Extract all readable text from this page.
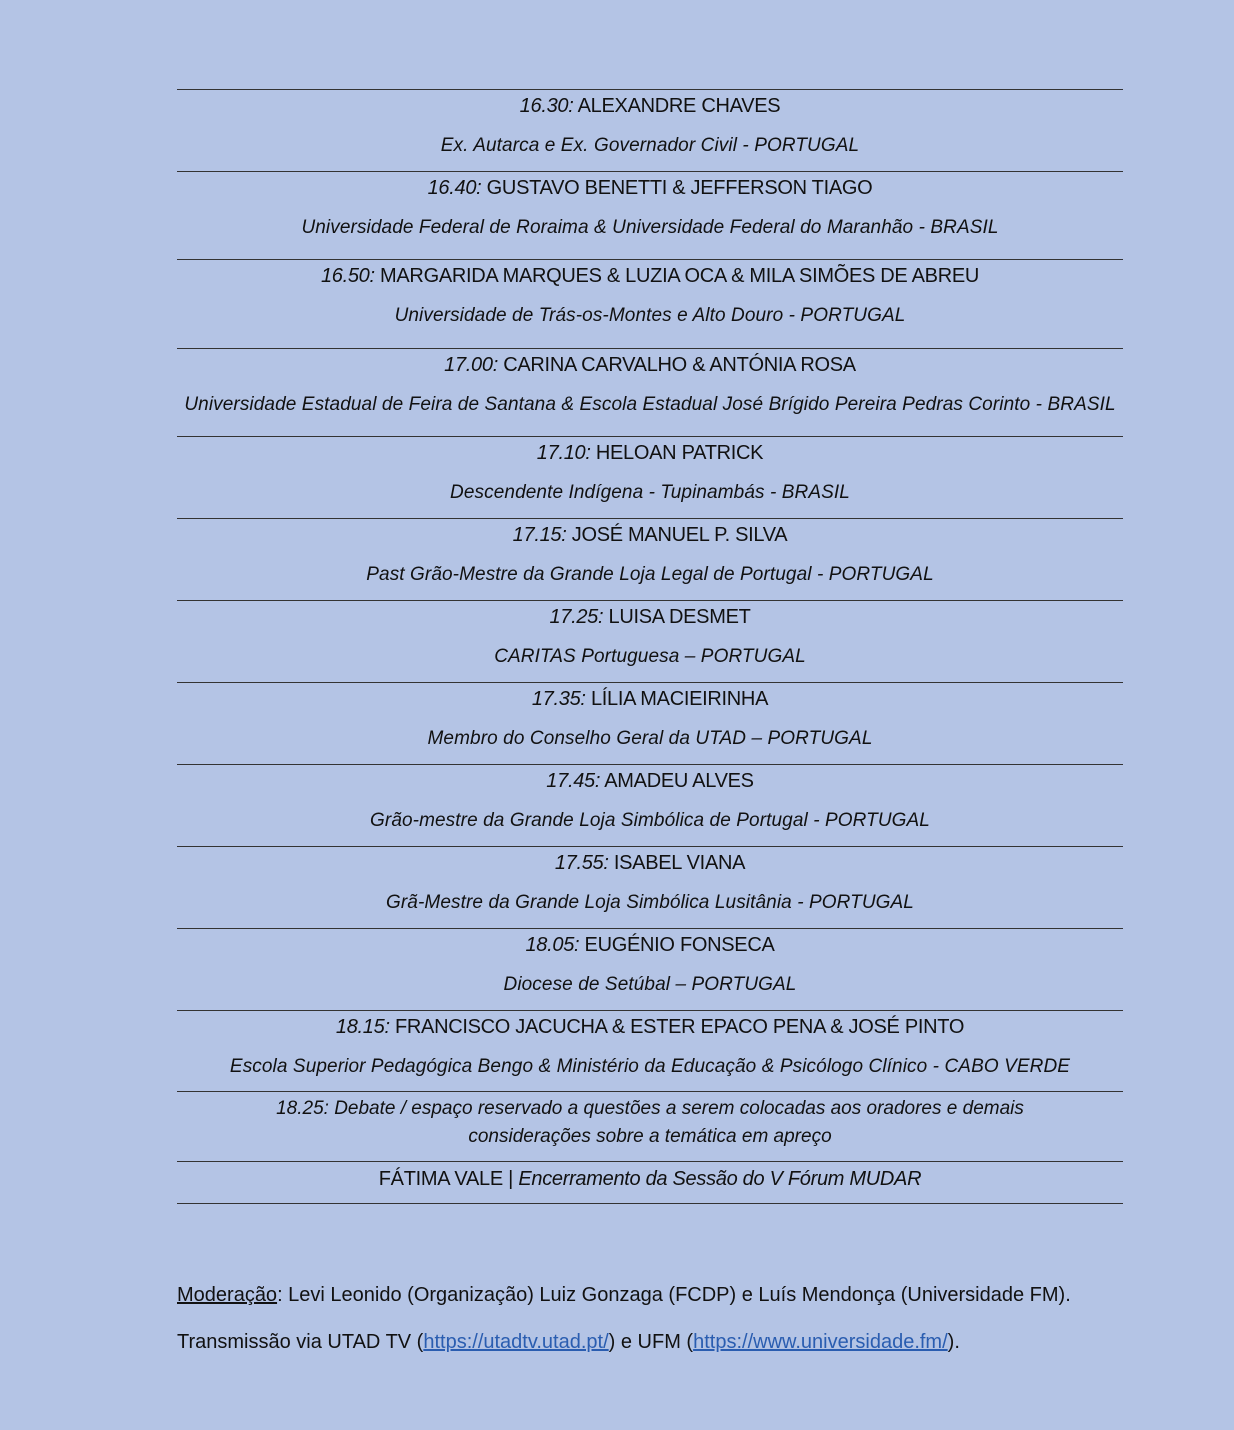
16.30: ALEXANDRE CHAVES
Ex. Autarca e Ex. Governador Civil - PORTUGAL
16.40: GUSTAVO BENETTI & JEFFERSON TIAGO
Universidade Federal de Roraima & Universidade Federal do Maranhão - BRASIL
16.50: MARGARIDA MARQUES & LUZIA OCA & MILA SIMÕES DE ABREU
Universidade de Trás-os-Montes e Alto Douro - PORTUGAL
17.00: CARINA CARVALHO & ANTÓNIA ROSA
Universidade Estadual de Feira de Santana & Escola Estadual José Brígido Pereira Pedras Corinto - BRASIL
17.10: HELOAN PATRICK
Descendente Indígena - Tupinambás - BRASIL
17.15: JOSÉ MANUEL P. SILVA
Past Grão-Mestre da Grande Loja Legal de Portugal - PORTUGAL
17.25: LUISA DESMET
CARITAS Portuguesa – PORTUGAL
17.35: LÍLIA MACIEIRINHA
Membro do Conselho Geral da UTAD – PORTUGAL
17.45: AMADEU ALVES
Grão-mestre da Grande Loja Simbólica de Portugal - PORTUGAL
17.55: ISABEL VIANA
Grã-Mestre da Grande Loja Simbólica Lusitânia - PORTUGAL
18.05: EUGÉNIO FONSECA
Diocese de Setúbal – PORTUGAL
18.15: FRANCISCO JACUCHA & ESTER EPACO PENA & JOSÉ PINTO
Escola Superior Pedagógica Bengo & Ministério da Educação & Psicólogo Clínico - CABO VERDE
18.25: Debate / espaço reservado a questões a serem colocadas aos oradores e demais
considerações sobre a temática em apreço
FÁTIMA VALE | Encerramento da Sessão do V Fórum MUDAR
Moderação: Levi Leonido (Organização) Luiz Gonzaga (FCDP) e Luís Mendonça (Universidade FM).
Transmissão via UTAD TV (https://utadtv.utad.pt/) e UFM (https://www.universidade.fm/).
